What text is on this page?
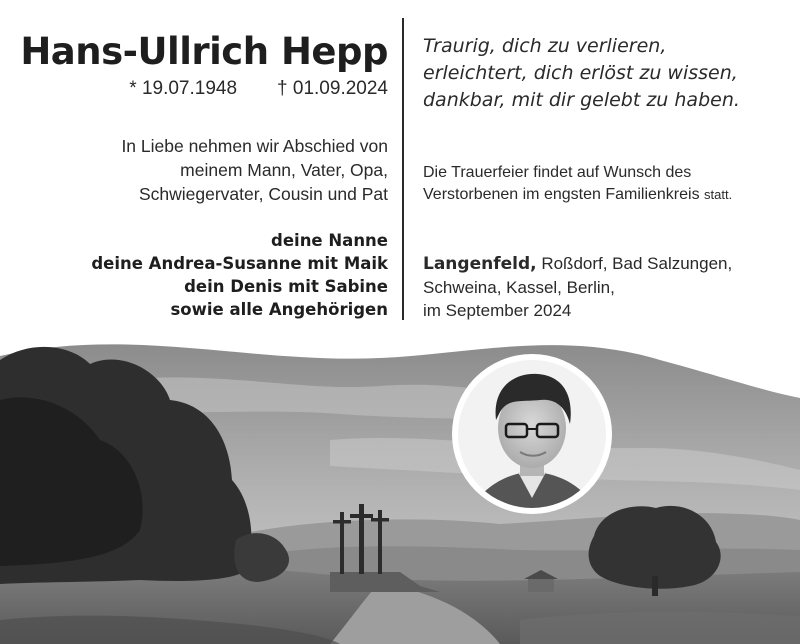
Hans-Ullrich Hepp
* 19.07.1948 † 01.09.2024
In Liebe nehmen wir Abschied von
meinem Mann, Vater, Opa,
Schwiegervater, Cousin und Pat
deine Nanne
deine Andrea-Susanne mit Maik
dein Denis mit Sabine
sowie alle Angehörigen
Traurig, dich zu verlieren,
erleichtert, dich erlöst zu wissen,
dankbar, mit dir gelebt zu haben.
Die Trauerfeier findet auf Wunsch des
Verstorbenen im engsten Familienkreis statt.
Langenfeld, Roßdorf, Bad Salzungen,
Schweina, Kassel, Berlin,
im September 2024
